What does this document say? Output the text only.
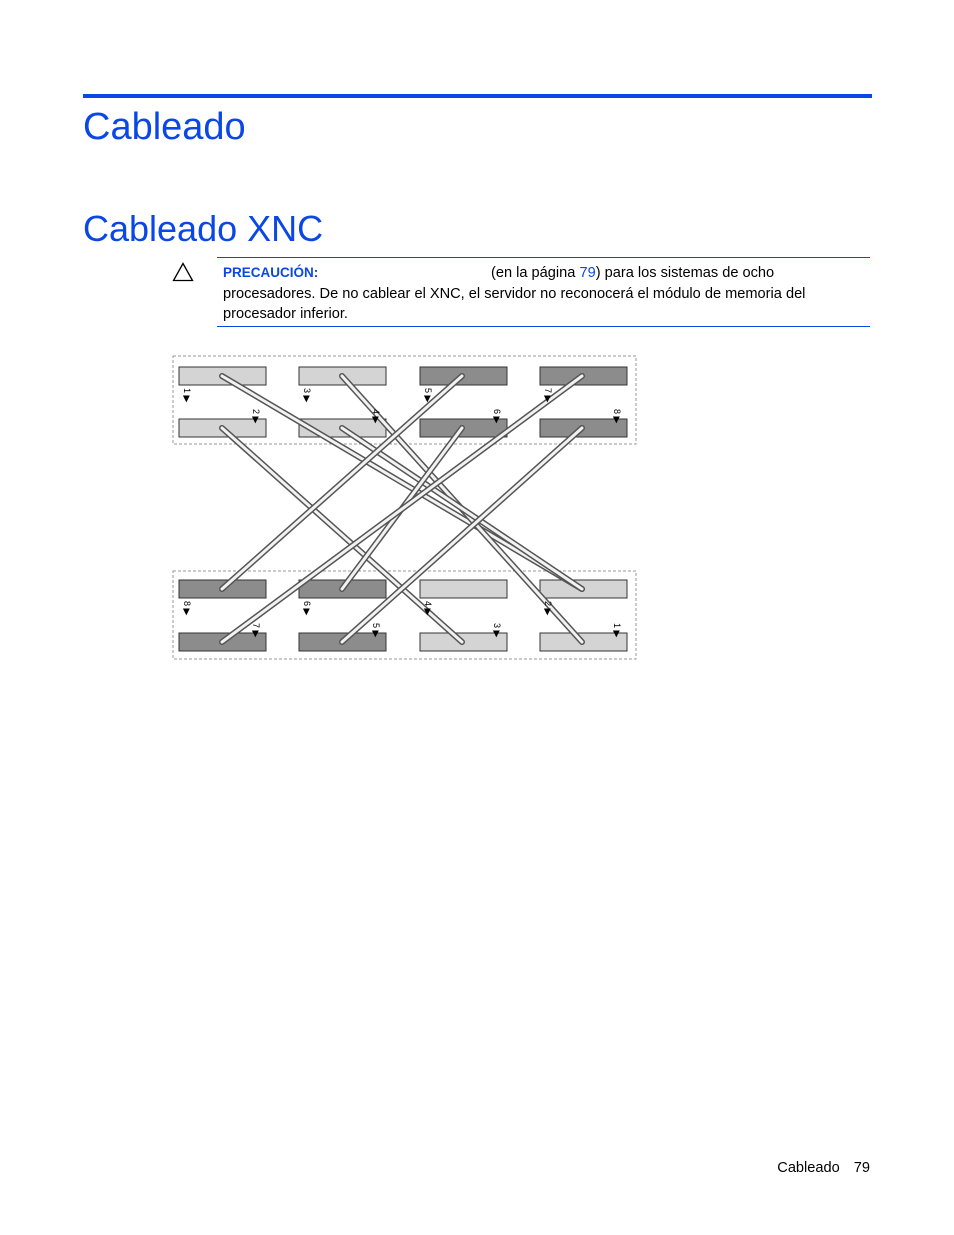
Cableado
Cableado XNC

PRECAUCIÓN:	(en la página 79) para los sistemas de ocho procesadores. De no cablear el XNC, el servidor no reconocerá el módulo de memoria del procesador inferior.

1 ▶
2 ▶
8 ▶
7 ▶
3 ▶
4 ▶
6 ▶
5 ▶
5 ▶
6 ▶
4 ▶
3 ▶
7 ▶
8 ▶
2 ▶
1 ▶
Cableado 79
